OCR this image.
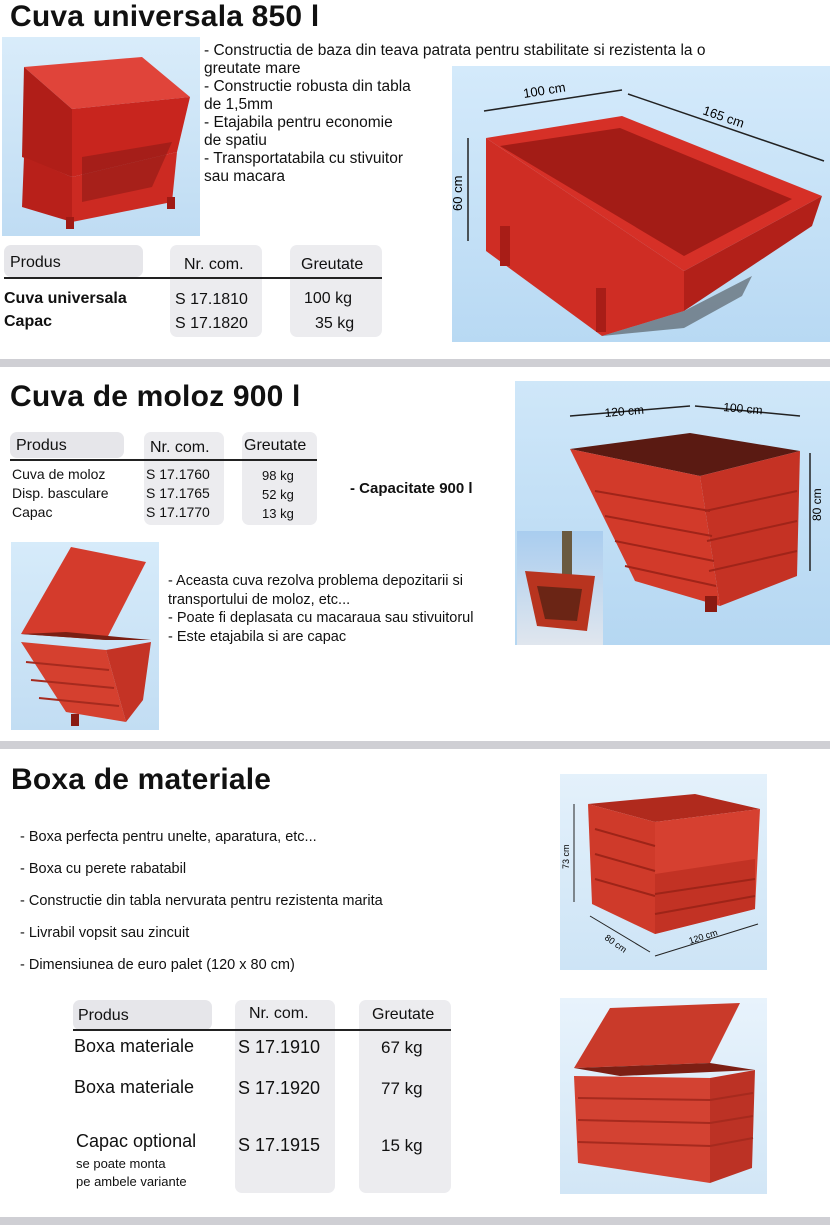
Cuva universala 850 l
- Constructia de baza din teava patrata pentru stabilitate si rezistenta la o
greutate mare
- Constructie robusta din tabla
de 1,5mm
- Etajabila pentru economie
de spatiu
- Transportatabila cu stivuitor
sau macara
100 cm
165 cm
60 cm
Produs	Nr. com.	Greutate
Cuva universala	S 17.1810	100 kg
Capac	S 17.1820	35 kg
Cuva de moloz 900 l
Produs	Nr. com. Greutate
Cuva de moloz	S 17.1760	98 kg
Disp. basculare	S 17.1765	52 kg
Capac	S 17.1770	13 kg
- Capacitate 900 l
120 cm	100 cm
80 cm
- Aceasta cuva rezolva problema depozitarii si
transportului de moloz, etc...
- Poate fi deplasata cu macaraua sau stivuitorul
- Este etajabila si are capac
Boxa de materiale
- Boxa perfecta pentru unelte, aparatura, etc...
- Boxa cu perete rabatabil
- Constructie din tabla nervurata pentru rezistenta marita
- Livrabil vopsit sau zincuit
- Dimensiunea de euro palet (120 x 80 cm)
73 cm
80 cm	120 cm
Produs	Nr. com.	Greutate
Boxa materiale S 17.1910	67 kg
Boxa materiale S 17.1920	77 kg
Capac optional S 17.1915	15 kg
se poate monta
pe ambele variante
